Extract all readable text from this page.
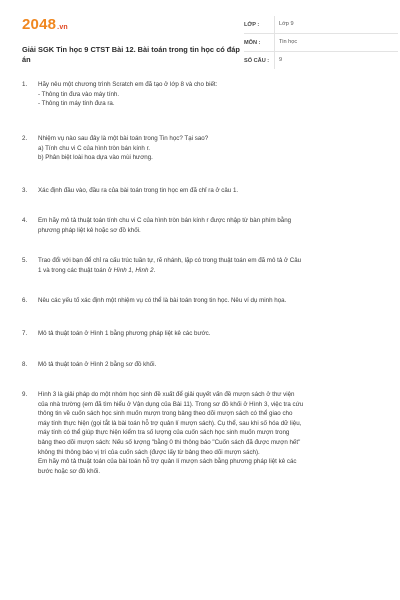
2048.vn
Giải SGK Tin học 9 CTST Bài 12. Bài toán trong tin học có đáp án
LỚP :	Lớp 9
MÔN :	Tin học
SỐ CÂU :	9
1.	Hãy nêu một chương trình Scratch em đã tạo ở lớp 8 và cho biết:
- Thông tin đưa vào máy tính.
- Thông tin máy tính đưa ra.
2.	Nhiệm vụ nào sau đây là một bài toán trong Tin học? Tại sao?
a) Tính chu vi C của hình tròn bán kính r.
b) Phân biệt loài hoa dựa vào mùi hương.
3.	Xác định đầu vào, đầu ra của bài toán trong tin học em đã chỉ ra ở câu 1.
4.	Em hãy mô tả thuật toán tính chu vi C của hình tròn bán kính r được nhập từ bàn phím bằng
phương pháp liệt kê hoặc sơ đồ khối.
5.	Trao đổi với bạn để chỉ ra cấu trúc tuần tự, rẽ nhánh, lặp có trong thuật toán em đã mô tả ở Câu
1 và trong các thuật toán ở Hình 1, Hình 2.
6.	Nêu các yếu tố xác định một nhiệm vụ có thể là bài toán trong tin học. Nêu ví dụ minh họa.
7.	Mô tả thuật toán ở Hình 1 bằng phương pháp liệt kê các bước.
8.	Mô tả thuật toán ở Hình 2 bằng sơ đồ khối.
9.	Hình 3 là giải pháp do một nhóm học sinh đề xuất để giải quyết vấn đề mượn sách ở thư viện
của nhà trường (em đã tìm hiểu ở Vận dụng của Bài 11). Trong sơ đồ khối ở Hình 3, việc tra cứu
thông tin về cuốn sách học sinh muốn mượn trong bảng theo dõi mượn sách có thể giao cho
máy tính thực hiện (gọi tắt là bài toán hỗ trợ quản lí mượn sách). Cụ thể, sau khi số hóa dữ liệu,
máy tính có thể giúp thực hiện kiểm tra số lượng của cuốn sách học sinh muốn mượn trong
bảng theo dõi mượn sách: Nếu số lượng "bằng 0 thì thông báo "Cuốn sách đã được mượn hết"
không thì thông báo vị trí của cuốn sách (được lấy từ bảng theo dõi mượn sách).
Em hãy mô tả thuật toán của bài toán hỗ trợ quản lí mượn sách bằng phương pháp liệt kê các
bước hoặc sơ đồ khối.
